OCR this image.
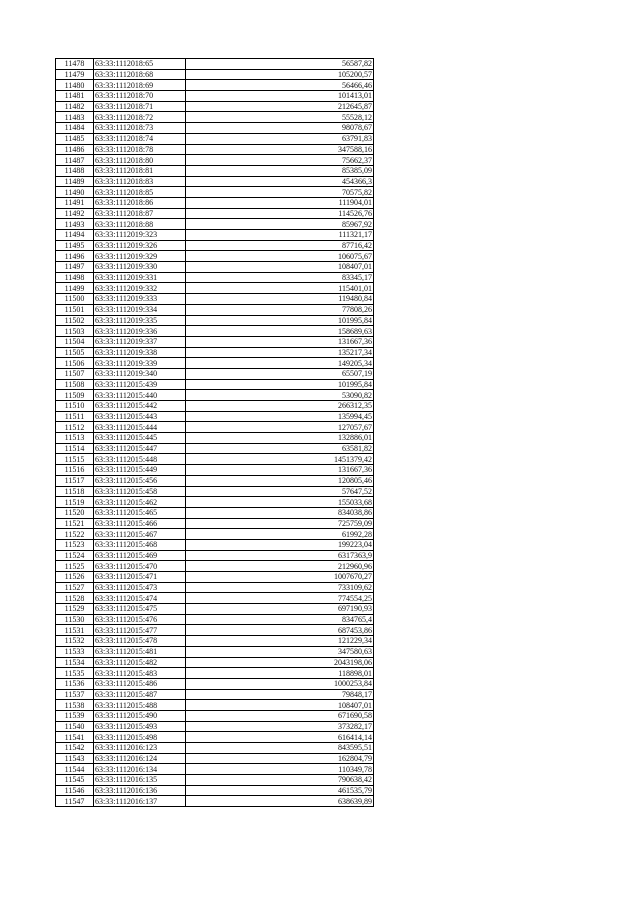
11478	63:33:1112018:65	56587,82
11479	63:33:1112018:68	105200,57
11480	63:33:1112018:69	56466,46
11481	63:33:1112018:70	101413,01
11482	63:33:1112018:71	212645,87
11483	63:33:1112018:72	55528,12
11484	63:33:1112018:73	98078,67
11485	63:33:1112018:74	63791,83
11486	63:33:1112018:78	347588,16
11487	63:33:1112018:80	75662,37
11488	63:33:1112018:81	85385,09
11489	63:33:1112018:83	454366,3
11490	63:33:1112018:85	70575,82
11491	63:33:1112018:86	111904,01
11492	63:33:1112018:87	114526,76
11493	63:33:1112018:88	85967,92
11494	63:33:1112019:323	111321,17
11495	63:33:1112019:326	87716,42
11496	63:33:1112019:329	106075,67
11497	63:33:1112019:330	108407,01
11498	63:33:1112019:331	83345,17
11499	63:33:1112019:332	115401,01
11500	63:33:1112019:333	119480,84
11501	63:33:1112019:334	77808,26
11502	63:33:1112019:335	101995,84
11503	63:33:1112019:336	158689,63
11504	63:33:1112019:337	131667,36
11505	63:33:1112019:338	135217,34
11506	63:33:1112019:339	149205,34
11507	63:33:1112019:340	65507,19
11508	63:33:1112015:439	101995,84
11509	63:33:1112015:440	53090,82
11510	63:33:1112015:442	266312,35
11511	63:33:1112015:443	135994,45
11512	63:33:1112015:444	127057,67
11513	63:33:1112015:445	132886,01
11514	63:33:1112015:447	63581,82
11515	63:33:1112015:448	1451379,42
11516	63:33:1112015:449	131667,36
11517	63:33:1112015:456	120805,46
11518	63:33:1112015:458	57647,52
11519	63:33:1112015:462	155033,68
11520	63:33:1112015:465	834038,86
11521	63:33:1112015:466	725759,09
11522	63:33:1112015:467	61992,28
11523	63:33:1112015:468	199223,04
11524	63:33:1112015:469	6317363,9
11525	63:33:1112015:470	212960,96
11526	63:33:1112015:471	1007670,27
11527	63:33:1112015:473	733109,62
11528	63:33:1112015:474	774554,25
11529	63:33:1112015:475	697190,93
11530	63:33:1112015:476	834765,4
11531	63:33:1112015:477	687453,86
11532	63:33:1112015:478	121229,34
11533	63:33:1112015:481	347580,63
11534	63:33:1112015:482	2043198,06
11535	63:33:1112015:483	118898,01
11536	63:33:1112015:486	1000253,84
11537	63:33:1112015:487	79848,17
11538	63:33:1112015:488	108407,01
11539	63:33:1112015:490	671690,58
11540	63:33:1112015:493	373282,17
11541	63:33:1112015:498	616414,14
11542	63:33:1112016:123	843595,51
11543	63:33:1112016:124	162804,79
11544	63:33:1112016:134	110349,78
11545	63:33:1112016:135	790638,42
11546	63:33:1112016:136	461535,79
11547	63:33:1112016:137	638639,89
